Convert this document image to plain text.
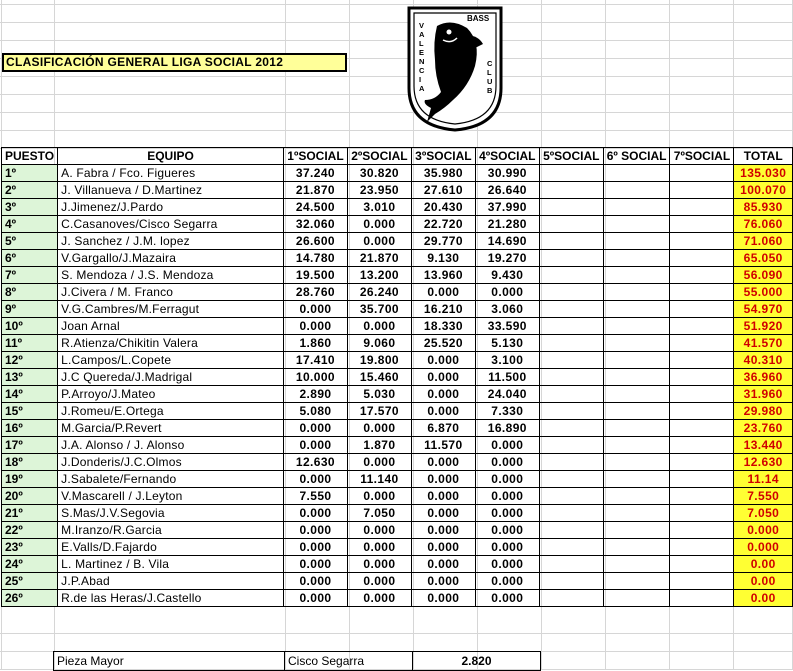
CLASIFICACIÓN GENERAL LIGA SOCIAL 2012
BASS
V
A
L
E
N
C
I
A
C
L
U
B
PUESTO	EQUIPO	1ºSOCIAL	2ºSOCIAL	3ºSOCIAL	4ºSOCIAL	5ºSOCIAL	6º SOCIAL	7ºSOCIAL	TOTAL
1º	A. Fabra / Fco. Figueres	37.240	30.820	35.980	30.990				135.030
2º	J. Villanueva / D.Martinez	21.870	23.950	27.610	26.640				100.070
3º	J.Jimenez/J.Pardo	24.500	3.010	20.430	37.990				85.930
4º	C.Casanoves/Cisco Segarra	32.060	0.000	22.720	21.280				76.060
5º	J. Sanchez / J.M. lopez	26.600	0.000	29.770	14.690				71.060
6º	V.Gargallo/J.Mazaira	14.780	21.870	9.130	19.270				65.050
7º	S. Mendoza / J.S. Mendoza	19.500	13.200	13.960	9.430				56.090
8º	J.Civera / M. Franco	28.760	26.240	0.000	0.000				55.000
9º	V.G.Cambres/M.Ferragut	0.000	35.700	16.210	3.060				54.970
10º	Joan Arnal	0.000	0.000	18.330	33.590				51.920
11º	R.Atienza/Chikitin Valera	1.860	9.060	25.520	5.130				41.570
12º	L.Campos/L.Copete	17.410	19.800	0.000	3.100				40.310
13º	J.C Quereda/J.Madrigal	10.000	15.460	0.000	11.500				36.960
14º	P.Arroyo/J.Mateo	2.890	5.030	0.000	24.040				31.960
15º	J.Romeu/E.Ortega	5.080	17.570	0.000	7.330				29.980
16º	M.Garcia/P.Revert	0.000	0.000	6.870	16.890				23.760
17º	J.A. Alonso / J. Alonso	0.000	1.870	11.570	0.000				13.440
18º	J.Donderis/J.C.Olmos	12.630	0.000	0.000	0.000				12.630
19º	J.Sabalete/Fernando	0.000	11.140	0.000	0.000				11.14
20º	V.Mascarell / J.Leyton	7.550	0.000	0.000	0.000				7.550
21º	S.Mas/J.V.Segovia	0.000	7.050	0.000	0.000				7.050
22º	M.Iranzo/R.Garcia	0.000	0.000	0.000	0.000				0.000
23º	E.Valls/D.Fajardo	0.000	0.000	0.000	0.000				0.000
24º	L. Martinez / B. Vila	0.000	0.000	0.000	0.000				0.00
25º	J.P.Abad	0.000	0.000	0.000	0.000				0.00
26º	R.de las Heras/J.Castello	0.000	0.000	0.000	0.000				0.00
Pieza Mayor	Cisco Segarra	2.820
